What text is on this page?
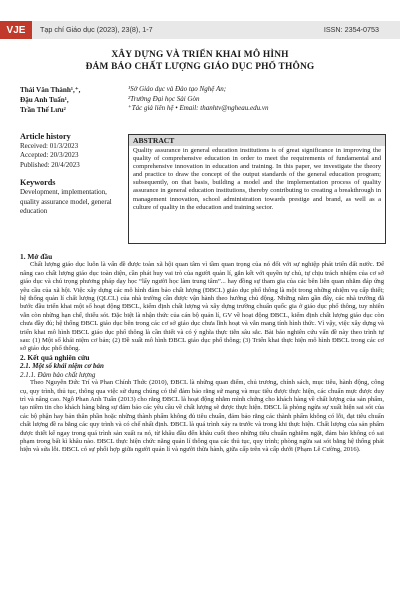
VJE	Tạp chí Giáo dục (2023), 23(8), 1-7	ISSN: 2354-0753
XÂY DỰNG VÀ TRIỂN KHAI MÔ HÌNH
ĐẢM BẢO CHẤT LƯỢNG GIÁO DỤC PHỔ THÔNG
Thái Văn Thành¹,⁺,
Đậu Anh Tuấn¹,
Trần Thế Lưu²
¹Sở Giáo dục và Đào tạo Nghệ An;
²Trường Đại học Sài Gòn
⁺Tác giả liên hệ • Email: thanhtv@ngheau.edu.vn
Article history
Received: 01/3/2023
Accepted: 20/3/2023
Published: 20/4/2023
Keywords
Development, implementation, quality assurance model, general education
ABSTRACT
Quality assurance in general education institutions is of great significance in improving the quality of comprehensive education in order to meet the requirements of fundamental and comprehensive innovation in education and training. In this paper, we investigate the theory and practice to draw the concept of the output standards of the general education program; subsequently, on that basis, building a model and the implementation process of quality assurance in general education institutions, thereby contributing to creating a breakthrough in management innovation, school administration towards prestige and brand, as well as a culture of quality in the education and training sector.
1. Mở đầu

Chất lượng giáo dục luôn là vấn đề được toàn xã hội quan tâm vì tầm quan trọng của nó đối với sự nghiệp phát triển đất nước. Để nâng cao chất lượng giáo dục toàn diện, cần phát huy vai trò của người quản lí, gắn kết với quyền tự chủ, tự chịu trách nhiệm của cơ sở giáo dục và chú trọng phương pháp dạy học “lấy người học làm trung tâm”... hay đồng sự tham gia của các bên liên quan nhằm đáp ứng yêu cầu của xã hội. Việc xây dựng các mô hình đảm bảo chất lượng (ĐBCL) giáo dục phổ thông là một trong những nhiệm vụ cấp thiết; hệ thống quản lí chất lượng (QLCL) của nhà trường cần được vận hành theo hướng chủ động. Những năm gần đây, các nhà trường đã bước đầu triển khai một số hoạt động ĐBCL, kiểm định chất lượng và xây dựng trường chuẩn quốc gia ở giáo dục phổ thông, tuy nhiên vẫn còn những hạn chế, thiếu sót. Đặc biệt là nhận thức của cán bộ quản lí, GV về hoạt động ĐBCL, kiểm định chất lượng giáo dục còn chưa đầy đủ; hệ thống ĐBCL giáo dục bên trong các cơ sở giáo dục chưa lĩnh hoạt và vẫn mang tính hình thức. Vì vậy, việc xây dựng và triển khai mô hình ĐBCL giáo dục phổ thông là cần thiết và có ý nghĩa thực tiễn sâu sắc. Bài báo nghiên cứu vấn đề này theo trình tự sau: (1) Một số khái niệm cơ bản; (2) Đề xuất mô hình ĐBCL giáo dục phổ thông; (3) Triển khai thực hiện mô hình ĐBCL trong các cơ sở giáo dục phổ thông.

2. Kết quả nghiên cứu
2.1. Một số khái niệm cơ bản
2.1.1. Đảm bảo chất lượng

Theo Nguyễn Đức Trí và Phan Chính Thức (2010), ĐBCL là những quan điểm, chủ trương, chính sách, mục tiêu, hành động, công cụ, quy trình, thủ tục, thông qua việc sử dụng chúng có thể đảm bảo rằng sứ mạng và mục tiêu được thực hiện, các chuẩn mực được duy trì và nâng cao. Ngô Phan Anh Tuấn (2013) cho rằng ĐBCL là hoạt động nhằm mình chứng cho khách hàng về chất lượng của sản phẩm, tạo niềm tin cho khách hàng bằng sự đảm bảo các yêu cầu về chất lượng sẽ được thực hiện. ĐBCL là phòng ngừa sự xuất hiện sai sót của các bộ phận hay bản thân phần hoặc những thành phẩm không đủ tiêu chuẩn, đảm bảo rằng các thành phẩm không có lỗi, đạt tiêu chuẩn chất lượng đề ra bằng các quy trình và có chế nhất định. ĐBCL là quá trình xảy ra trước và trong khi thực hiện. Chất lượng của sản phẩm được thiết kế ngay trong quá trình sản xuất ra nó, từ khâu đầu đến khâu cuối theo những tiêu chuẩn nghiêm ngặt, đảm bảo không có sai phạm trong bất kì khâu nào. ĐBCL thực hiện chức năng quản lí thông qua các thủ tục, quy trình; phòng ngừa sai sót bằng hệ thống phát hiện và sửa lỗi. ĐBCL có sự phối hợp giữa người quản lí và người thừa hành, giữa cấp trên và cấp dưới (Phạm Lê Cường, 2016).
